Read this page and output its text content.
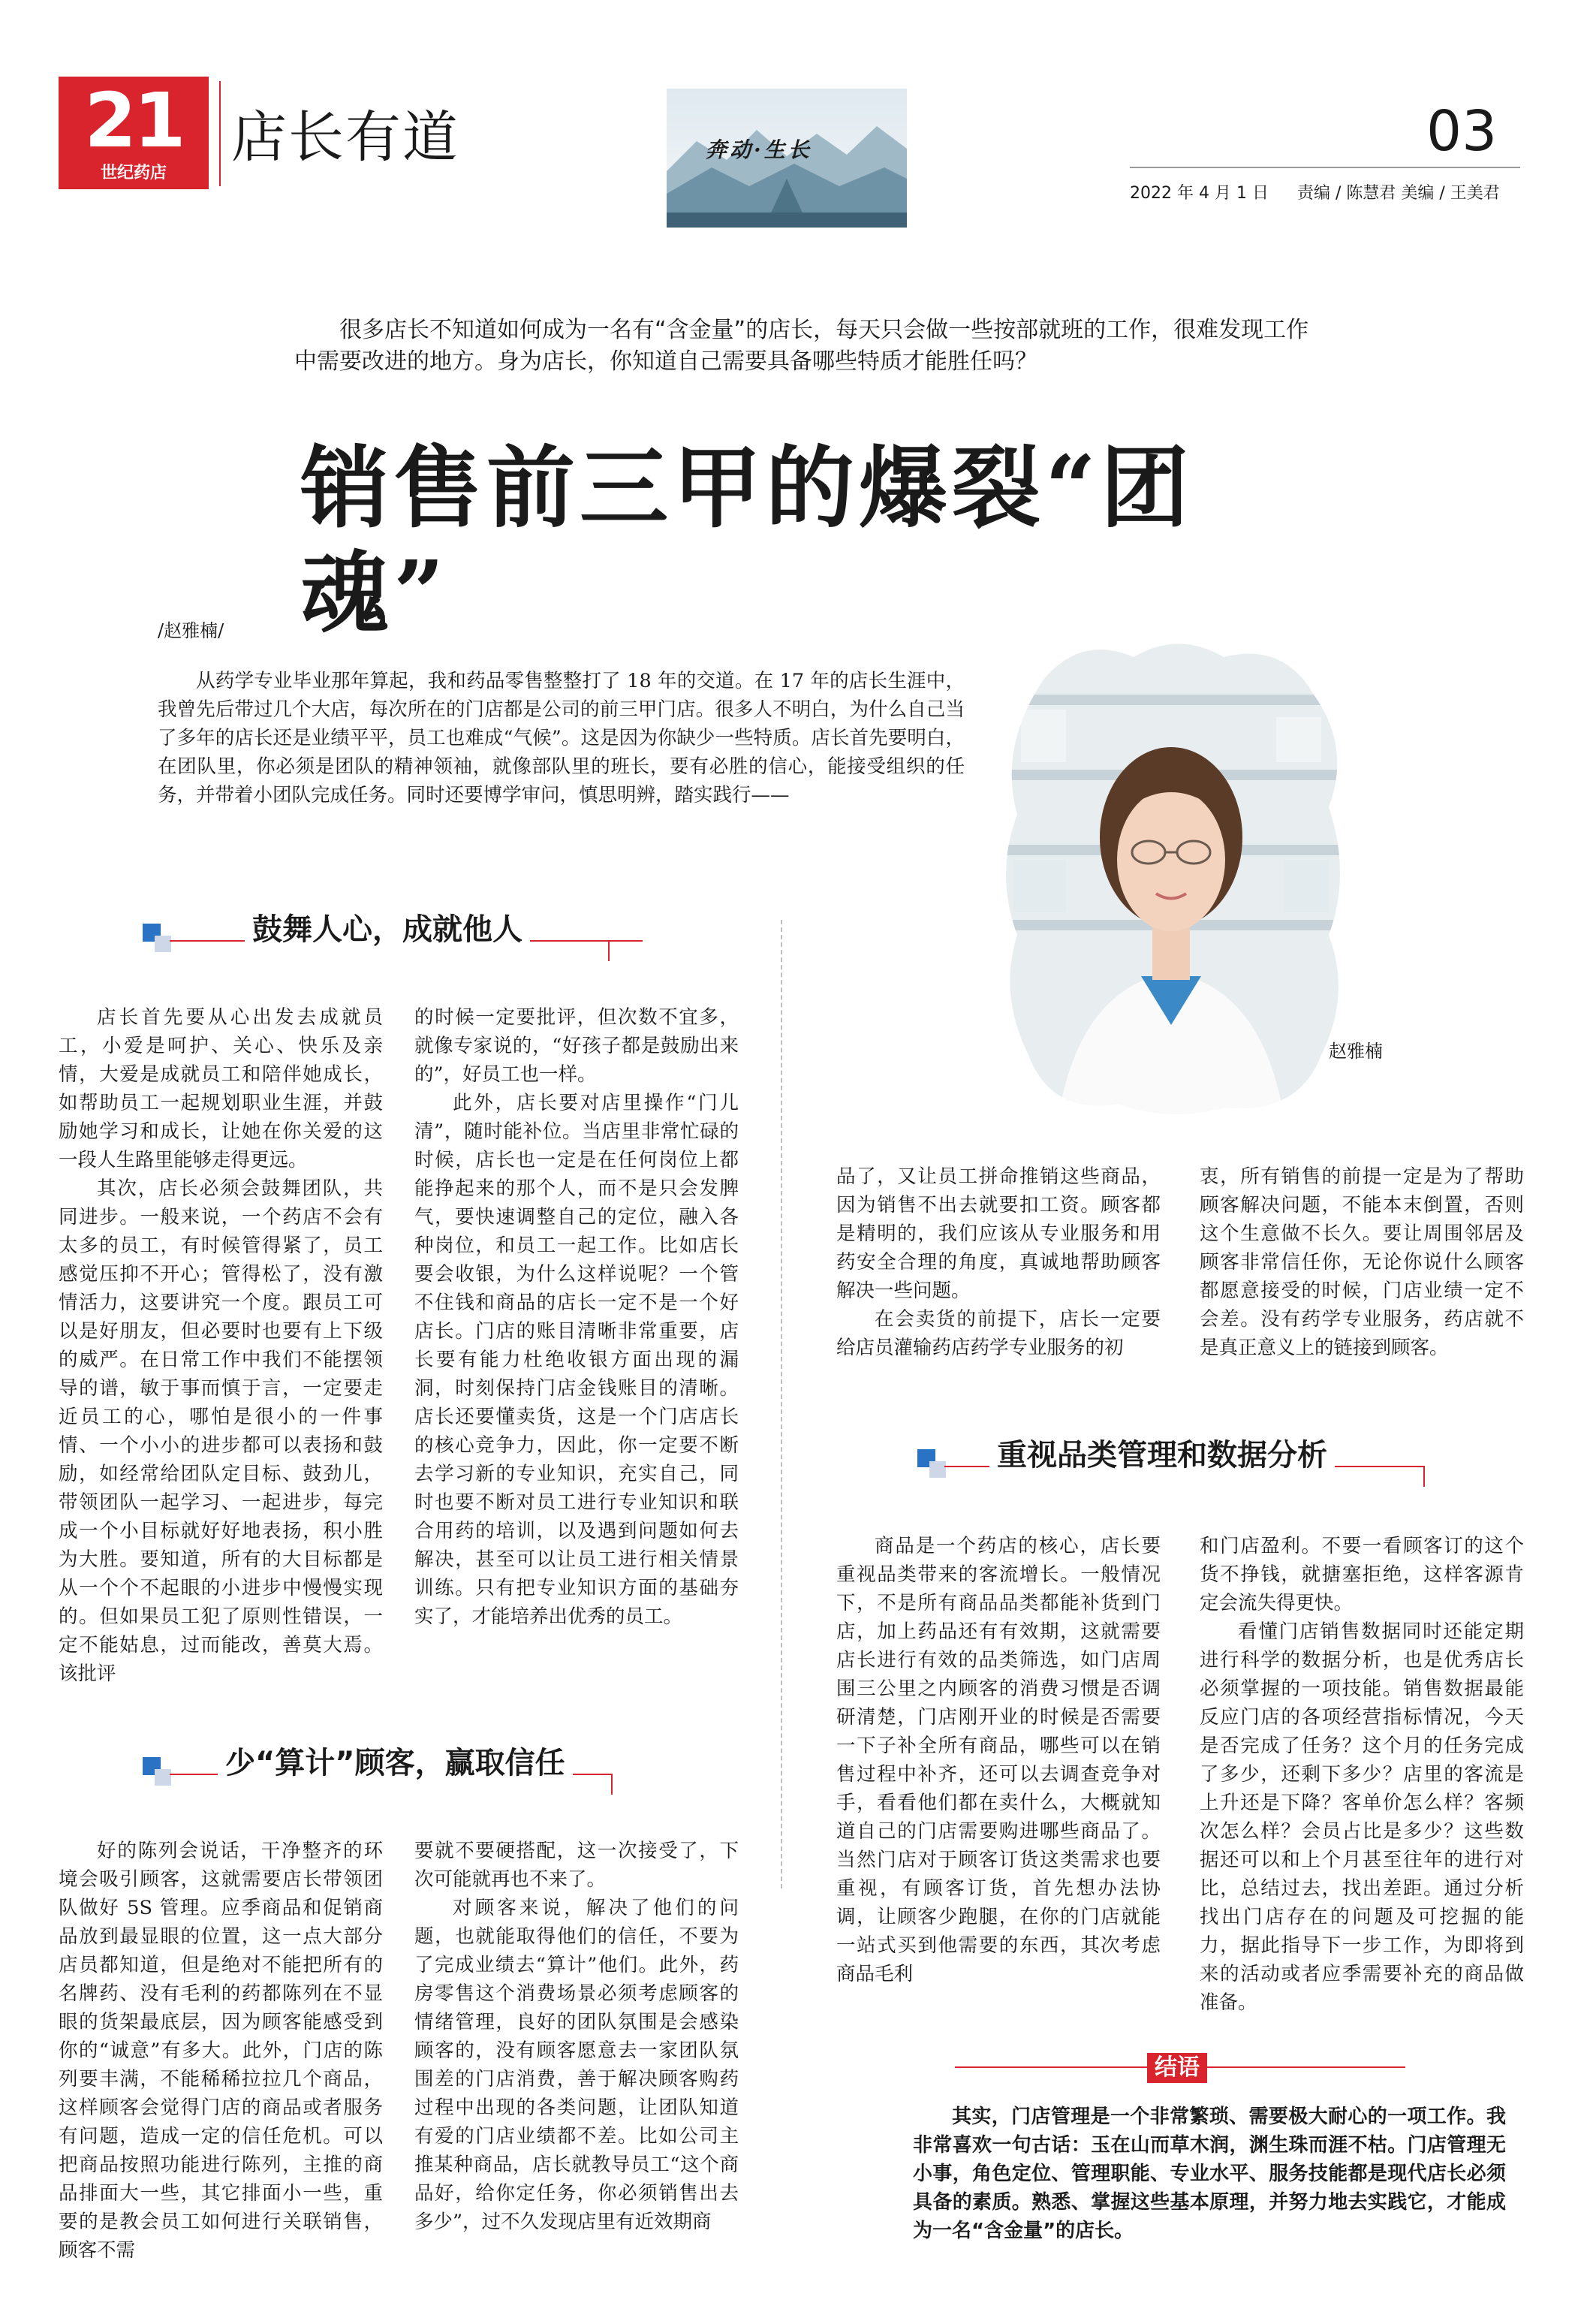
21
世纪药店
店长有道	奔动·生长	03
2022 年 4 月 1 日 责编 / 陈慧君 美编 / 王美君
很多店长不知道如何成为一名有“含金量”的店长，每天只会做一些按部就班的工作，很难发现工作
中需要改进的地方。身为店长，你知道自己需要具备哪些特质才能胜任吗？
销售前三甲的爆裂“团魂”
/赵雅楠/

从药学专业毕业那年算起，我和药品零售整整打了 18 年的交道。在 17 年的店长生涯中，我曾先后带过几个大店，每次所在的门店都是公司的前三甲门店。很多人不明白，为什么自己当了多年的店长还是业绩平平，员工也难成“气候”。这是因为你缺少一些特质。店长首先要明白，在团队里，你必须是团队的精神领袖，就像部队里的班长，要有必胜的信心，能接受组织的任务，并带着小团队完成任务。同时还要博学审问，慎思明辨，踏实践行——

赵雅楠
鼓舞人心，成就他人

店长首先要从心出发去成就员工，小爱是呵护、关心、快乐及亲情，大爱是成就员工和陪伴她成长，如帮助员工一起规划职业生涯，并鼓励她学习和成长，让她在你关爱的这一段人生路里能够走得更远。

其次，店长必须会鼓舞团队，共同进步。一般来说，一个药店不会有太多的员工，有时候管得紧了，员工感觉压抑不开心；管得松了，没有激情活力，这要讲究一个度。跟员工可以是好朋友，但必要时也要有上下级的威严。在日常工作中我们不能摆领导的谱，敏于事而慎于言，一定要走近员工的心，哪怕是很小的一件事情、一个小小的进步都可以表扬和鼓励，如经常给团队定目标、鼓劲儿，带领团队一起学习、一起进步，每完成一个小目标就好好地表扬，积小胜为大胜。要知道，所有的大目标都是从一个个不起眼的小进步中慢慢实现的。但如果员工犯了原则性错误，一定不能姑息，过而能改，善莫大焉。该批评

的时候一定要批评，但次数不宜多，就像专家说的，“好孩子都是鼓励出来的”，好员工也一样。

此外，店长要对店里操作“门儿清”，随时能补位。当店里非常忙碌的时候，店长也一定是在任何岗位上都能挣起来的那个人，而不是只会发脾气，要快速调整自己的定位，融入各种岗位，和员工一起工作。比如店长要会收银，为什么这样说呢？一个管不住钱和商品的店长一定不是一个好店长。门店的账目清晰非常重要，店长要有能力杜绝收银方面出现的漏洞，时刻保持门店金钱账目的清晰。店长还要懂卖货，这是一个门店店长的核心竞争力，因此，你一定要不断去学习新的专业知识，充实自己，同时也要不断对员工进行专业知识和联合用药的培训，以及遇到问题如何去解决，甚至可以让员工进行相关情景训练。只有把专业知识方面的基础夯实了，才能培养出优秀的员工。

少“算计”顾客，赢取信任

好的陈列会说话，干净整齐的环境会吸引顾客，这就需要店长带领团队做好 5S 管理。应季商品和促销商品放到最显眼的位置，这一点大部分店员都知道，但是绝对不能把所有的名牌药、没有毛利的药都陈列在不显眼的货架最底层，因为顾客能感受到你的“诚意”有多大。此外，门店的陈列要丰满，不能稀稀拉拉几个商品，这样顾客会觉得门店的商品或者服务有问题，造成一定的信任危机。可以把商品按照功能进行陈列，主推的商品排面大一些，其它排面小一些，重要的是教会员工如何进行关联销售，顾客不需

要就不要硬搭配，这一次接受了，下次可能就再也不来了。

对顾客来说，解决了他们的问题，也就能取得他们的信任，不要为了完成业绩去“算计”他们。此外，药房零售这个消费场景必须考虑顾客的情绪管理，良好的团队氛围是会感染顾客的，没有顾客愿意去一家团队氛围差的门店消费，善于解决顾客购药过程中出现的各类问题，让团队知道有爱的门店业绩都不差。比如公司主推某种商品，店长就教导员工“这个商品好，给你定任务，你必须销售出去多少”，过不久发现店里有近效期商

品了，又让员工拼命推销这些商品，因为销售不出去就要扣工资。顾客都是精明的，我们应该从专业服务和用药安全合理的角度，真诚地帮助顾客解决一些问题。

在会卖货的前提下，店长一定要给店员灌输药店药学专业服务的初

衷，所有销售的前提一定是为了帮助顾客解决问题，不能本末倒置，否则这个生意做不长久。要让周围邻居及顾客非常信任你，无论你说什么顾客都愿意接受的时候，门店业绩一定不会差。没有药学专业服务，药店就不是真正意义上的链接到顾客。

重视品类管理和数据分析

商品是一个药店的核心，店长要重视品类带来的客流增长。一般情况下，不是所有商品品类都能补货到门店，加上药品还有有效期，这就需要店长进行有效的品类筛选，如门店周围三公里之内顾客的消费习惯是否调研清楚，门店刚开业的时候是否需要一下子补全所有商品，哪些可以在销售过程中补齐，还可以去调查竞争对手，看看他们都在卖什么，大概就知道自己的门店需要购进哪些商品了。当然门店对于顾客订货这类需求也要重视，有顾客订货，首先想办法协调，让顾客少跑腿，在你的门店就能一站式买到他需要的东西，其次考虑商品毛利

和门店盈利。不要一看顾客订的这个货不挣钱，就搪塞拒绝，这样客源肯定会流失得更快。

看懂门店销售数据同时还能定期进行科学的数据分析，也是优秀店长必须掌握的一项技能。销售数据最能反应门店的各项经营指标情况，今天是否完成了任务？这个月的任务完成了多少，还剩下多少？店里的客流是上升还是下降？客单价怎么样？客频次怎么样？会员占比是多少？这些数据还可以和上个月甚至往年的进行对比，总结过去，找出差距。通过分析找出门店存在的问题及可挖掘的能力，据此指导下一步工作，为即将到来的活动或者应季需要补充的商品做准备。

结语

其实，门店管理是一个非常繁琐、需要极大耐心的一项工作。我非常喜欢一句古话：玉在山而草木润，渊生珠而涯不枯。门店管理无小事，角色定位、管理职能、专业水平、服务技能都是现代店长必须具备的素质。熟悉、掌握这些基本原理，并努力地去实践它，才能成为一名“含金量”的店长。
